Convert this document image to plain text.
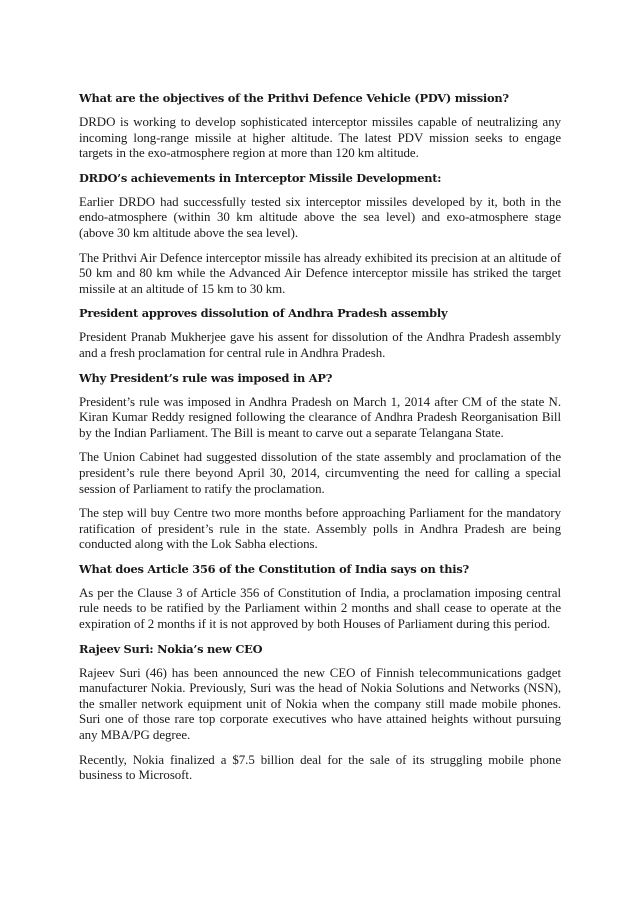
What are the objectives of the Prithvi Defence Vehicle (PDV) mission?
DRDO is working to develop sophisticated interceptor missiles capable of neutralizing any incoming long-range missile at higher altitude. The latest PDV mission seeks to engage targets in the exo-atmosphere region at more than 120 km altitude.
DRDO’s achievements in Interceptor Missile Development:
Earlier DRDO had successfully tested six interceptor missiles developed by it, both in the endo-atmosphere (within 30 km altitude above the sea level) and exo-atmosphere stage (above 30 km altitude above the sea level).
The Prithvi Air Defence interceptor missile has already exhibited its precision at an altitude of 50 km and 80 km while the Advanced Air Defence interceptor missile has striked the target missile at an altitude of 15 km to 30 km.
President approves dissolution of Andhra Pradesh assembly
President Pranab Mukherjee gave his assent for dissolution of the Andhra Pradesh assembly and a fresh proclamation for central rule in Andhra Pradesh.
Why President’s rule was imposed in AP?
President’s rule was imposed in Andhra Pradesh on March 1, 2014 after CM of the state N. Kiran Kumar Reddy resigned following the clearance of Andhra Pradesh Reorganisation Bill by the Indian Parliament. The Bill is meant to carve out a separate Telangana State.
The Union Cabinet had suggested dissolution of the state assembly and proclamation of the president’s rule there beyond April 30, 2014, circumventing the need for calling a special session of Parliament to ratify the proclamation.
The step will buy Centre two more months before approaching Parliament for the mandatory ratification of president’s rule in the state. Assembly polls in Andhra Pradesh are being conducted along with the Lok Sabha elections.
What does Article 356 of the Constitution of India says on this?
As per the Clause 3 of Article 356 of Constitution of India, a proclamation imposing central rule needs to be ratified by the Parliament within 2 months and shall cease to operate at the expiration of 2 months if it is not approved by both Houses of Parliament during this period.
Rajeev Suri: Nokia’s new CEO
Rajeev Suri (46) has been announced the new CEO of Finnish telecommunications gadget manufacturer Nokia. Previously, Suri was the head of Nokia Solutions and Networks (NSN), the smaller network equipment unit of Nokia when the company still made mobile phones. Suri one of those rare top corporate executives who have attained heights without pursuing any MBA/PG degree.
Recently, Nokia finalized a $7.5 billion deal for the sale of its struggling mobile phone business to Microsoft.
